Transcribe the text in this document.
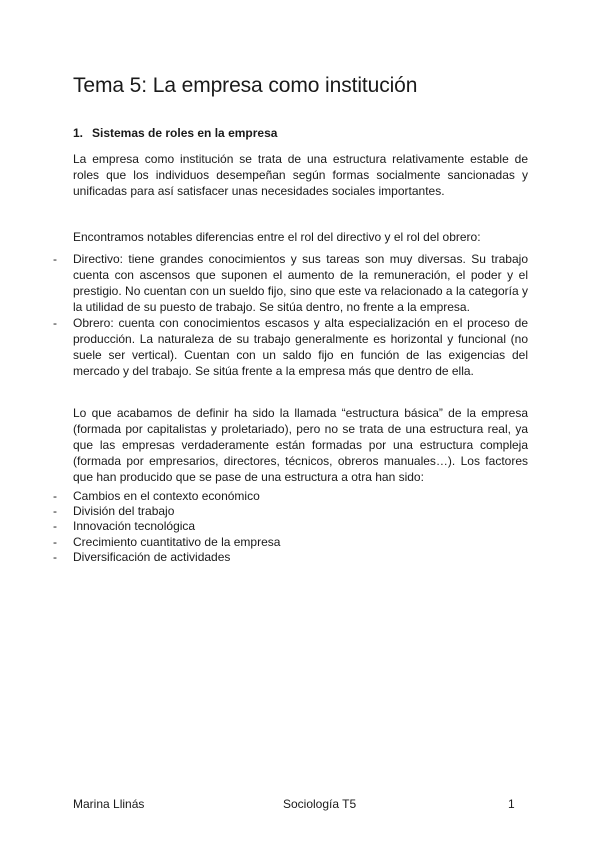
Tema 5: La empresa como institución
1. Sistemas de roles en la empresa

La empresa como institución se trata de una estructura relativamente estable de roles que los individuos desempeñan según formas socialmente sancionadas y unificadas para así satisfacer unas necesidades sociales importantes.

Encontramos notables diferencias entre el rol del directivo y el rol del obrero:

- Directivo: tiene grandes conocimientos y sus tareas son muy diversas. Su trabajo cuenta con ascensos que suponen el aumento de la remuneración, el poder y el prestigio. No cuentan con un sueldo fijo, sino que este va relacionado a la categoría y la utilidad de su puesto de trabajo. Se sitúa dentro, no frente a la empresa.
- Obrero: cuenta con conocimientos escasos y alta especialización en el proceso de producción. La naturaleza de su trabajo generalmente es horizontal y funcional (no suele ser vertical). Cuentan con un saldo fijo en función de las exigencias del mercado y del trabajo. Se sitúa frente a la empresa más que dentro de ella.

Lo que acabamos de definir ha sido la llamada “estructura básica” de la empresa (formada por capitalistas y proletariado), pero no se trata de una estructura real, ya que las empresas verdaderamente están formadas por una estructura compleja (formada por empresarios, directores, técnicos, obreros manuales…). Los factores que han producido que se pase de una estructura a otra han sido:

- Cambios en el contexto económico
- División del trabajo
- Innovación tecnológica
- Crecimiento cuantitativo de la empresa
- Diversificación de actividades

Marina Llinás	Sociología T5	1
